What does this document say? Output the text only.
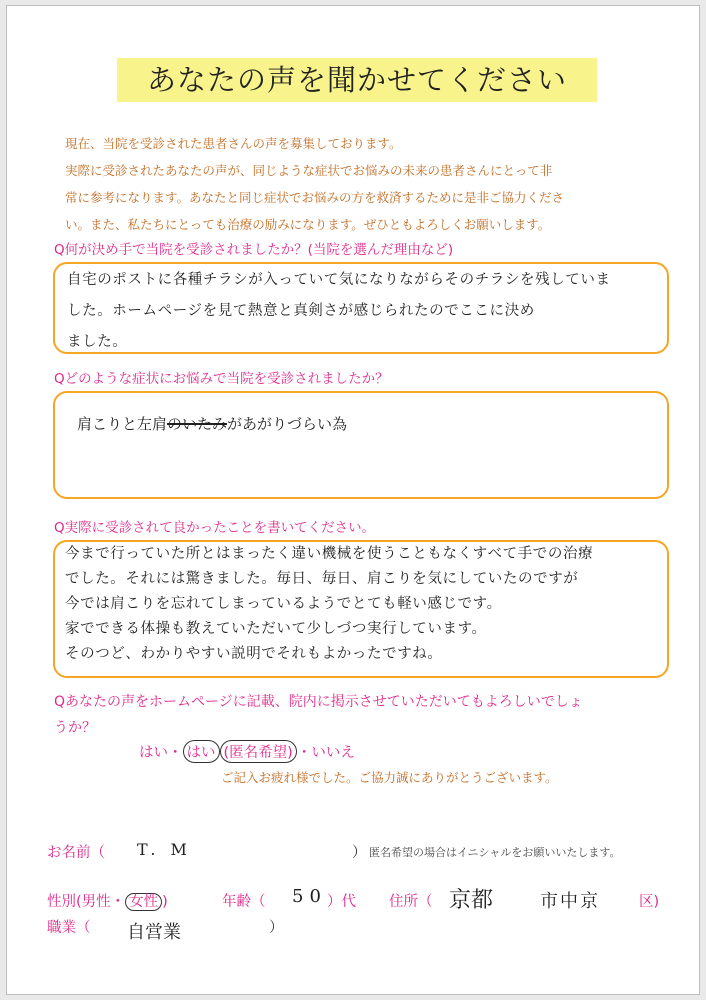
あなたの声を聞かせてください
現在、当院を受診された患者さんの声を募集しております。
実際に受診されたあなたの声が、同じような症状でお悩みの未来の患者さんにとって非
常に参考になります。あなたと同じ症状でお悩みの方を救済するために是非ご協力くださ
い。また、私たちにとっても治療の励みになります。ぜひともよろしくお願いします。
Q何が決め手で当院を受診されましたか？(当院を選んだ理由など)
自宅のポストに各種チラシが入っていて気になりながらそのチラシを残していま
した。ホームページを見て熱意と真剣さが感じられたのでここに決め
ました。
Qどのような症状にお悩みで当院を受診されましたか？
肩こりと左肩のいたみがあがりづらい為
Q実際に受診されて良かったことを書いてください。
今まで行っていた所とはまったく違い機械を使うこともなくすべて手での治療
でした。それには驚きました。毎日、毎日、肩こりを気にしていたのですが
今では肩こりを忘れてしまっているようでとても軽い感じです。
家でできる体操も教えていただいて少しづつ実行しています。
そのつど、わかりやすい説明でそれもよかったですね。
Qあなたの声をホームページに記載、院内に掲示させていただいてもよろしいでしょ
うか？
はい・ はい (匿名希望) ・いいえ
ご記入お疲れ様でした。ご協力誠にありがとうございます。
お名前（ T. M	） 匿名希望の場合はイニシャルをお願いいたします。
性別(男性・ 女性 )	年齢（ 50 ）代 住所（ 京都	市中京	区)
職業（ 自営業	）
